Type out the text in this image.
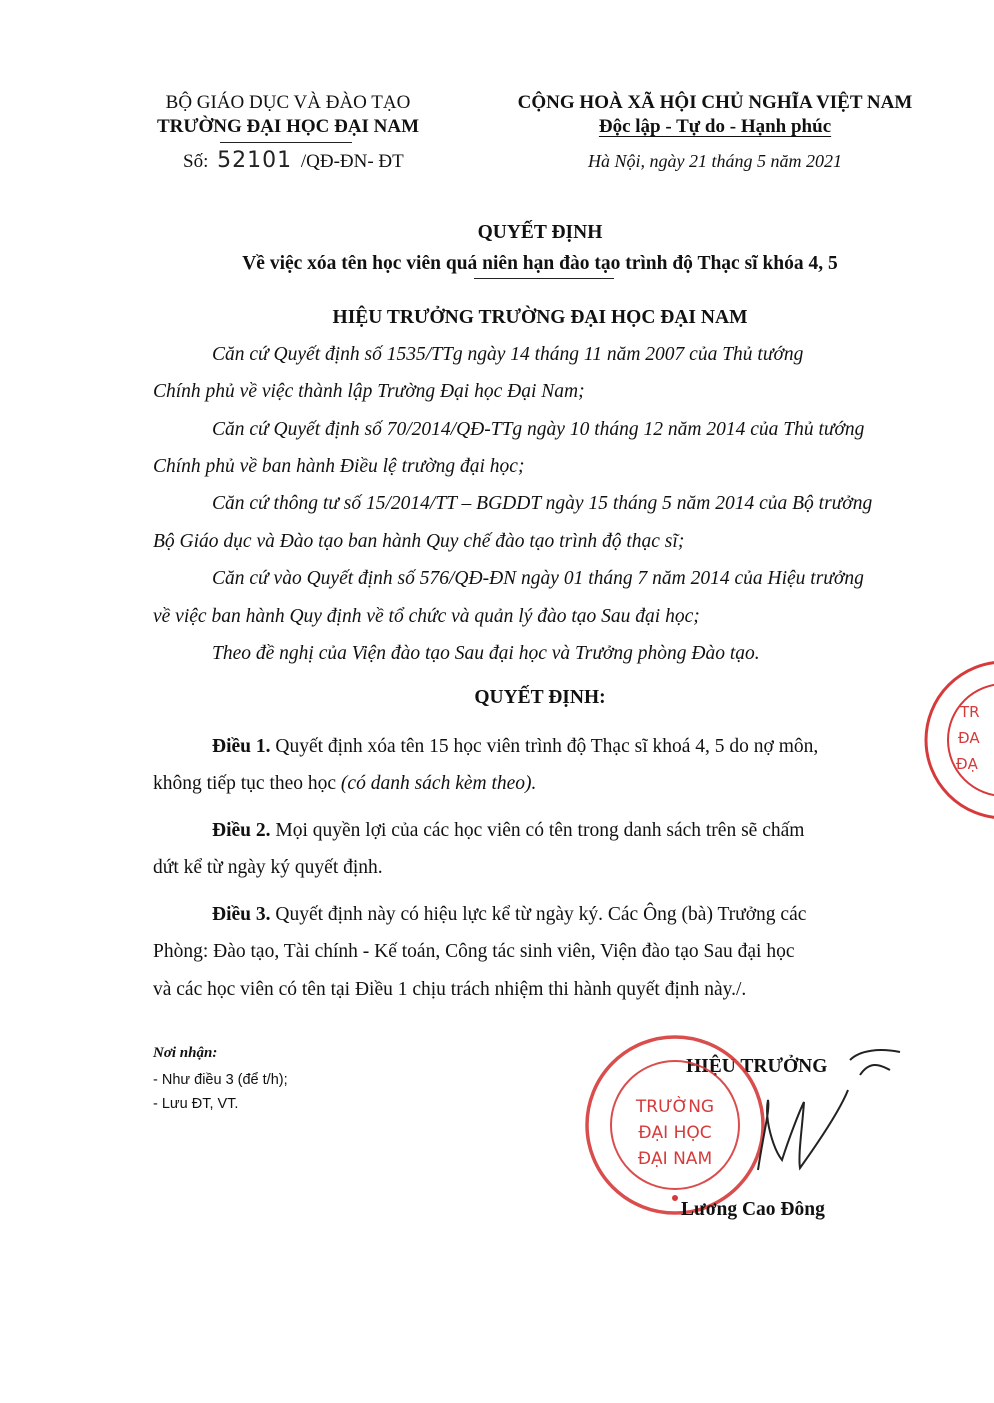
BỘ GIÁO DỤC VÀ ĐÀO TẠO
TRƯỜNG ĐẠI HỌC ĐẠI NAM
Số: 52101 /QĐ-ĐN- ĐT
CỘNG HOÀ XÃ HỘI CHỦ NGHĨA VIỆT NAM
Độc lập - Tự do - Hạnh phúc
Hà Nội, ngày 21 tháng 5 năm 2021
QUYẾT ĐỊNH
Về việc xóa tên học viên quá niên hạn đào tạo trình độ Thạc sĩ khóa 4, 5
HIỆU TRƯỞNG TRƯỜNG ĐẠI HỌC ĐẠI NAM
Căn cứ Quyết định số 1535/TTg ngày 14 tháng 11 năm 2007 của Thủ tướng
Chính phủ về việc thành lập Trường Đại học Đại Nam;
Căn cứ Quyết định số 70/2014/QĐ-TTg ngày 10 tháng 12 năm 2014 của Thủ tướng
Chính phủ về ban hành Điều lệ trường đại học;
Căn cứ thông tư số 15/2014/TT – BGDDT ngày 15 tháng 5 năm 2014 của Bộ trưởng
Bộ Giáo dục và Đào tạo ban hành Quy chế đào tạo trình độ thạc sĩ;
Căn cứ vào Quyết định số 576/QĐ-ĐN ngày 01 tháng 7 năm 2014 của Hiệu trưởng
về việc ban hành Quy định về tổ chức và quản lý đào tạo Sau đại học;
Theo đề nghị của Viện đào tạo Sau đại học và Trưởng phòng Đào tạo.
QUYẾT ĐỊNH:
Điều 1. Quyết định xóa tên 15 học viên trình độ Thạc sĩ khoá 4, 5 do nợ môn,
không tiếp tục theo học (có danh sách kèm theo).
Điều 2. Mọi quyền lợi của các học viên có tên trong danh sách trên sẽ chấm
dứt kể từ ngày ký quyết định.
Điều 3. Quyết định này có hiệu lực kể từ ngày ký. Các Ông (bà) Trưởng các
Phòng: Đào tạo, Tài chính - Kế toán, Công tác sinh viên, Viện đào tạo Sau đại học
và các học viên có tên tại Điều 1 chịu trách nhiệm thi hành quyết định này./.
Nơi nhận:
- Như điều 3 (để t/h);
- Lưu ĐT, VT.
TR
ĐA
ĐẠ
HIỆU TRƯỞNG
TRƯỜNG
ĐẠI HỌC
ĐẠI NAM
Lương Cao Đông
